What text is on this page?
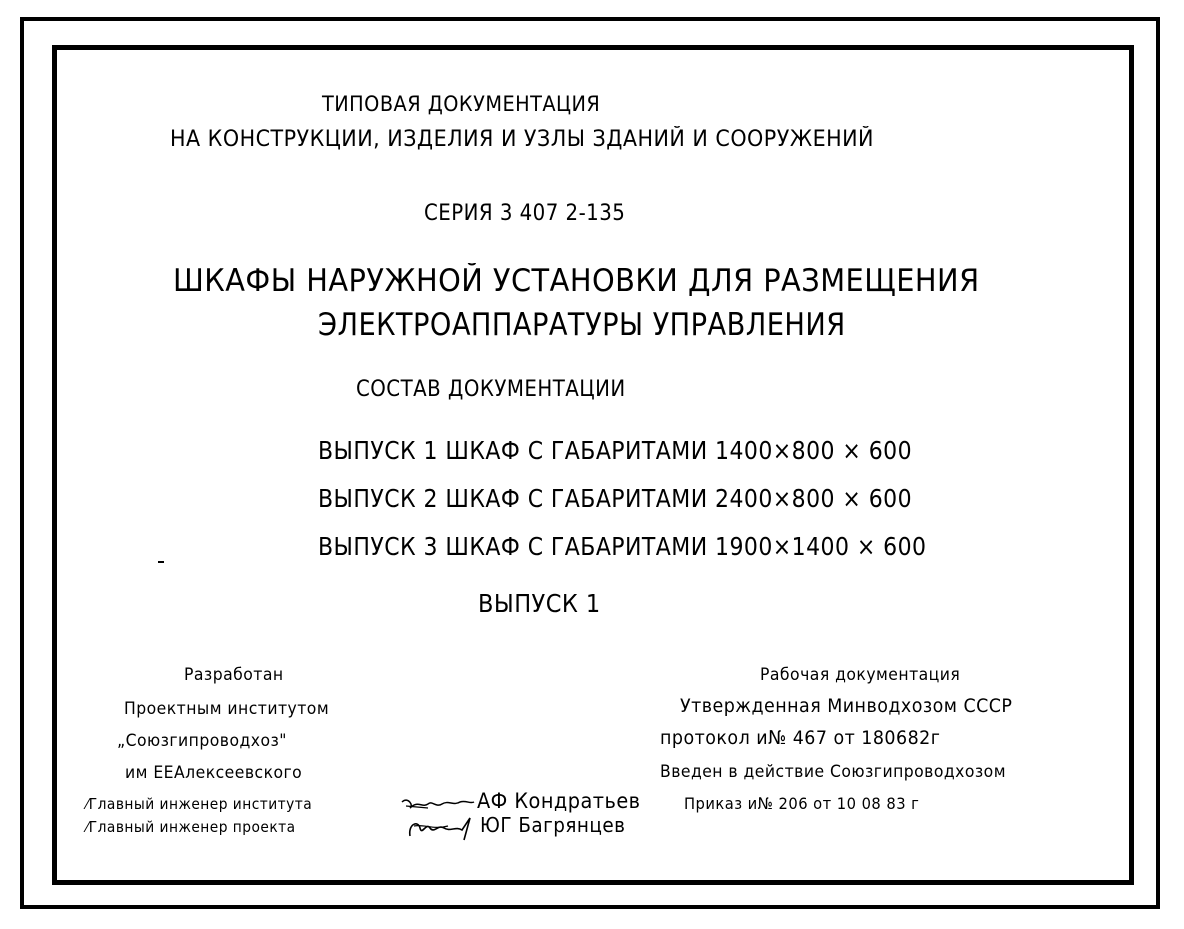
ТИПОВАЯ ДОКУМЕНТАЦИЯ
НА КОНСТРУКЦИИ, ИЗДЕЛИЯ И УЗЛЫ ЗДАНИЙ И СООРУЖЕНИЙ
СЕРИЯ 3 407 2-135
ШКАФЫ НАРУЖНОЙ УСТАНОВКИ ДЛЯ РАЗМЕЩЕНИЯ
ЭЛЕКТРОАППАРАТУРЫ УПРАВЛЕНИЯ
СОСТАВ ДОКУМЕНТАЦИИ
ВЫПУСК 1 ШКАФ С ГАБАРИТАМИ 1400×800 × 600
ВЫПУСК 2 ШКАФ С ГАБАРИТАМИ 2400×800 × 600
ВЫПУСК 3 ШКАФ С ГАБАРИТАМИ 1900×1400 × 600
ВЫПУСК 1
Разработан
Проектным институтом
„Союзгипроводхоз"
им ЕЕАлексеевского
⁄Главный инженер института
⁄Главный инженер проекта
АФ Кондратьев
ЮГ Багрянцев
Рабочая документация
Утвержденная Минводхозом СССР
протокол и№ 467 от 180682г
Введен в действие Союзгипроводхозом
Приказ и№ 206 от 10 08 83 г
